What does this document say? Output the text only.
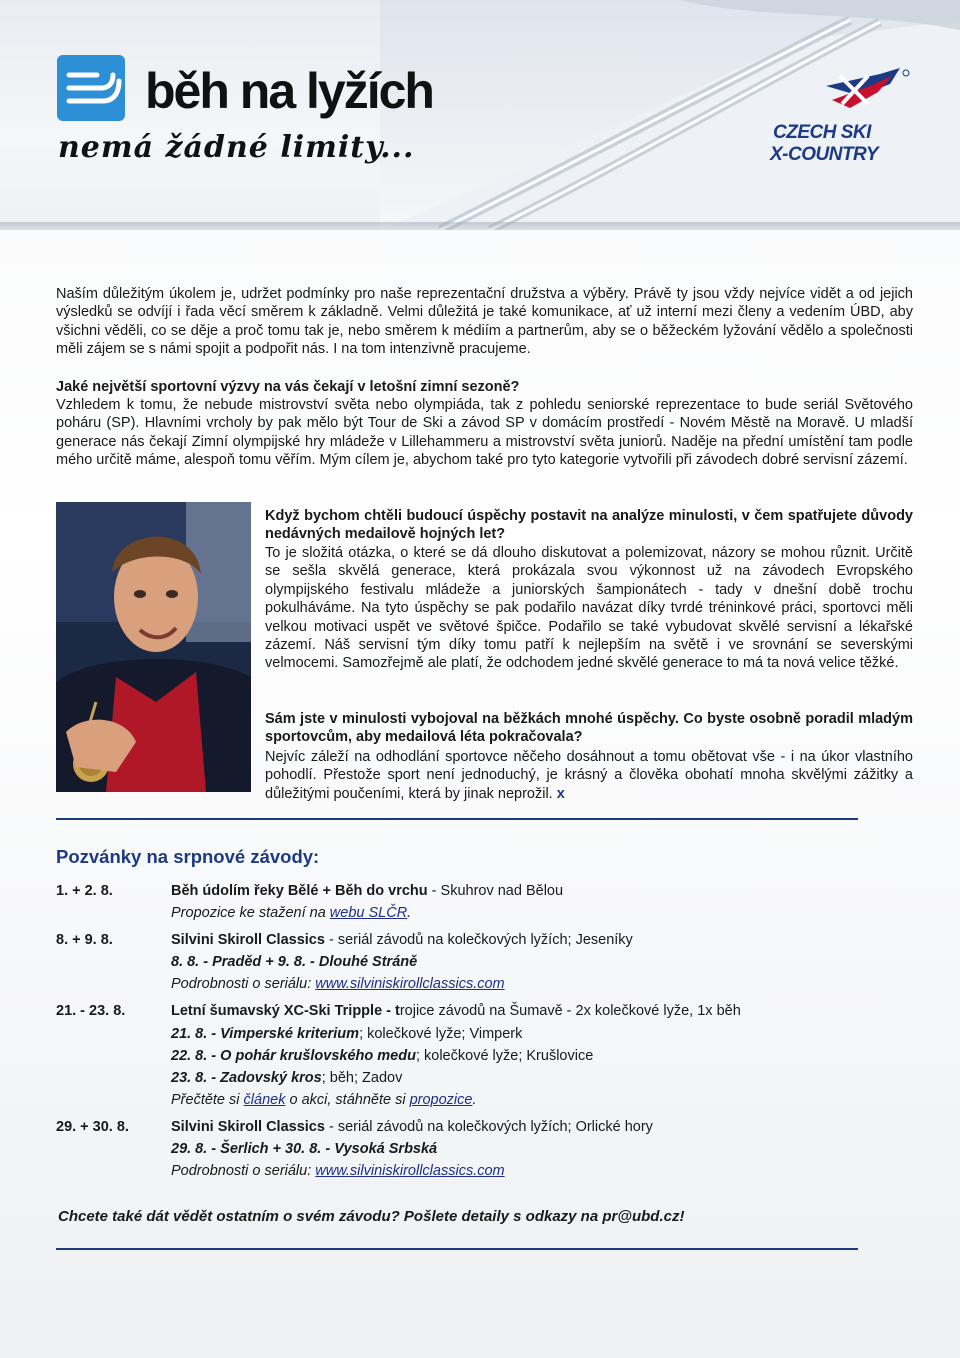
běh na lyžích
nemá žádné limity...	CZECH SKI
X-COUNTRY

Naším důležitým úkolem je, udržet podmínky pro naše reprezentační družstva a výběry. Právě ty jsou vždy nejvíce vidět a od jejich výsledků se odvíjí i řada věcí směrem k základně. Velmi důležitá je také komunikace, ať už interní mezi členy a vedením ÚBD, aby všichni věděli, co se děje a proč tomu tak je, nebo směrem k médiím a partnerům, aby se o běžeckém lyžování vědělo a společnosti měli zájem se s námi spojit a podpořit nás. I na tom intenzivně pracujeme.

Jaké největší sportovní výzvy na vás čekají v letošní zimní sezoně?

Vzhledem k tomu, že nebude mistrovství světa nebo olympiáda, tak z pohledu seniorské reprezentace to bude seriál Světového poháru (SP). Hlavními vrcholy by pak mělo být Tour de Ski a závod SP v domácím prostředí - Novém Městě na Moravě. U mladší generace nás čekají Zimní olympijské hry mládeže v Lillehammeru a mistrovství světa juniorů. Naděje na přední umístění tam podle mého určitě máme, alespoň tomu věřím. Mým cílem je, abychom také pro tyto kategorie vytvořili při závodech dobré servisní zázemí.

Když bychom chtěli budoucí úspěchy postavit na analýze minulosti, v čem spatřujete důvody nedávných medailově hojných let?

To je složitá otázka, o které se dá dlouho diskutovat a polemizovat, názory se mohou různit. Určitě se sešla skvělá generace, která prokázala svou výkonnost už na závodech Evropského olympijského festivalu mládeže a juniorských šampionátech - tady v dnešní době trochu pokulháváme. Na tyto úspěchy se pak podařilo navázat díky tvrdé tréninkové práci, sportovci měli velkou motivaci uspět ve světové špičce. Podařilo se také vybudovat skvělé servisní a lékařské zázemí. Náš servisní tým díky tomu patří k nejlepším na světě i ve srovnání se severskými velmocemi. Samozřejmě ale platí, že odchodem jedné skvělé generace to má ta nová velice těžké.

Sám jste v minulosti vybojoval na běžkách mnohé úspěchy. Co byste osobně poradil mladým sportovcům, aby medailová léta pokračovala?

Nejvíc záleží na odhodlání sportovce něčeho dosáhnout a tomu obětovat vše - i na úkor vlastního pohodlí. Přestože sport není jednoduchý, je krásný a člověka obohatí mnoha skvělými zážitky a důležitými poučeními, která by jinak neprožil. x

Pozvánky na srpnové závody:
1. + 2. 8.	Běh údolím řeky Bělé + Běh do vrchu - Skuhrov nad Bělou
Propozice ke stažení na webu SLČR.
8. + 9. 8.	Silvini Skiroll Classics - seriál závodů na kolečkových lyžích; Jeseníky
8. 8. - Praděd + 9. 8. - Dlouhé Stráně
Podrobnosti o seriálu: www.silviniskirollclassics.com
21. - 23. 8.	Letní šumavský XC-Ski Tripple - trojice závodů na Šumavě - 2x kolečkové lyže, 1x běh
21. 8. - Vimperské kriterium; kolečkové lyže; Vimperk
22. 8. - O pohár krušlovského medu; kolečkové lyže; Krušlovice
23. 8. - Zadovský kros; běh; Zadov
Přečtěte si článek o akci, stáhněte si propozice.
29. + 30. 8.	Silvini Skiroll Classics - seriál závodů na kolečkových lyžích; Orlické hory
29. 8. - Šerlich + 30. 8. - Vysoká Srbská
Podrobnosti o seriálu: www.silviniskirollclassics.com
Chcete také dát vědět ostatním o svém závodu? Pošlete detaily s odkazy na pr@ubd.cz!
